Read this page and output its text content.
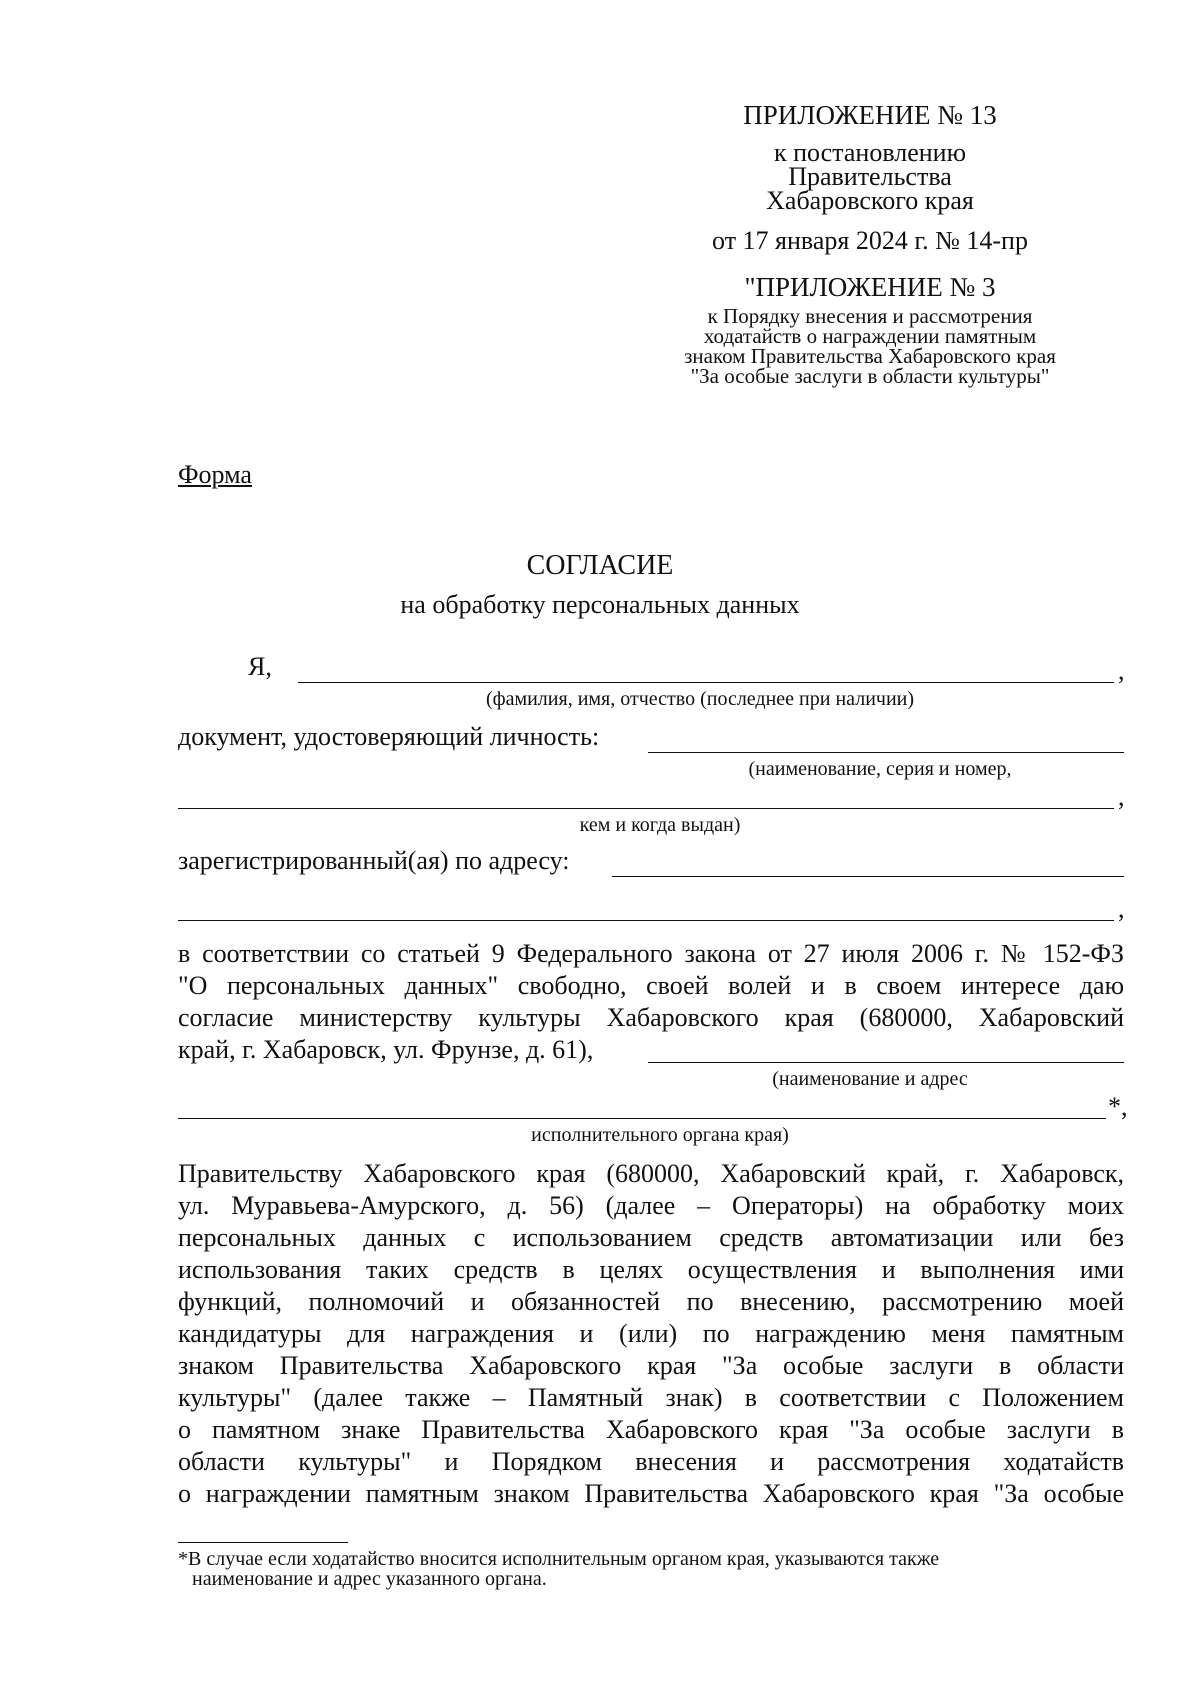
ПРИЛОЖЕНИЕ № 13
к постановлению
Правительства
Хабаровского края
от 17 января 2024 г. № 14-пр
"ПРИЛОЖЕНИЕ № 3
к Порядку внесения и рассмотрения
ходатайств о награждении памятным
знаком Правительства Хабаровского края
"За особые заслуги в области культуры"
Форма
СОГЛАСИЕ
на обработку персональных данных
Я,	,
(фамилия, имя, отчество (последнее при наличии)
документ, удостоверяющий личность:
(наименование, серия и номер,
,
кем и когда выдан)
зарегистрированный(ая) по адресу:
,
в соответствии со статьей 9 Федерального закона от 27 июля 2006 г. № 152-ФЗ
"О персональных данных" свободно, своей волей и в своем интересе даю
согласие министерству культуры Хабаровского края (680000, Хабаровский
край, г. Хабаровск, ул. Фрунзе, д. 61),
(наименование и адрес
*,
исполнительного органа края)
Правительству Хабаровского края (680000, Хабаровский край, г. Хабаровск,
ул. Муравьева-Амурского, д. 56) (далее – Операторы) на обработку моих
персональных данных с использованием средств автоматизации или без
использования таких средств в целях осуществления и выполнения ими
функций, полномочий и обязанностей по внесению, рассмотрению моей
кандидатуры для награждения и (или) по награждению меня памятным
знаком Правительства Хабаровского края "За особые заслуги в области
культуры" (далее также – Памятный знак) в соответствии с Положением
о памятном знаке Правительства Хабаровского края "За особые заслуги в
области культуры" и Порядком внесения и рассмотрения ходатайств
о награждении памятным знаком Правительства Хабаровского края "За особые
*В случае если ходатайство вносится исполнительным органом края, указываются также
наименование и адрес указанного органа.
